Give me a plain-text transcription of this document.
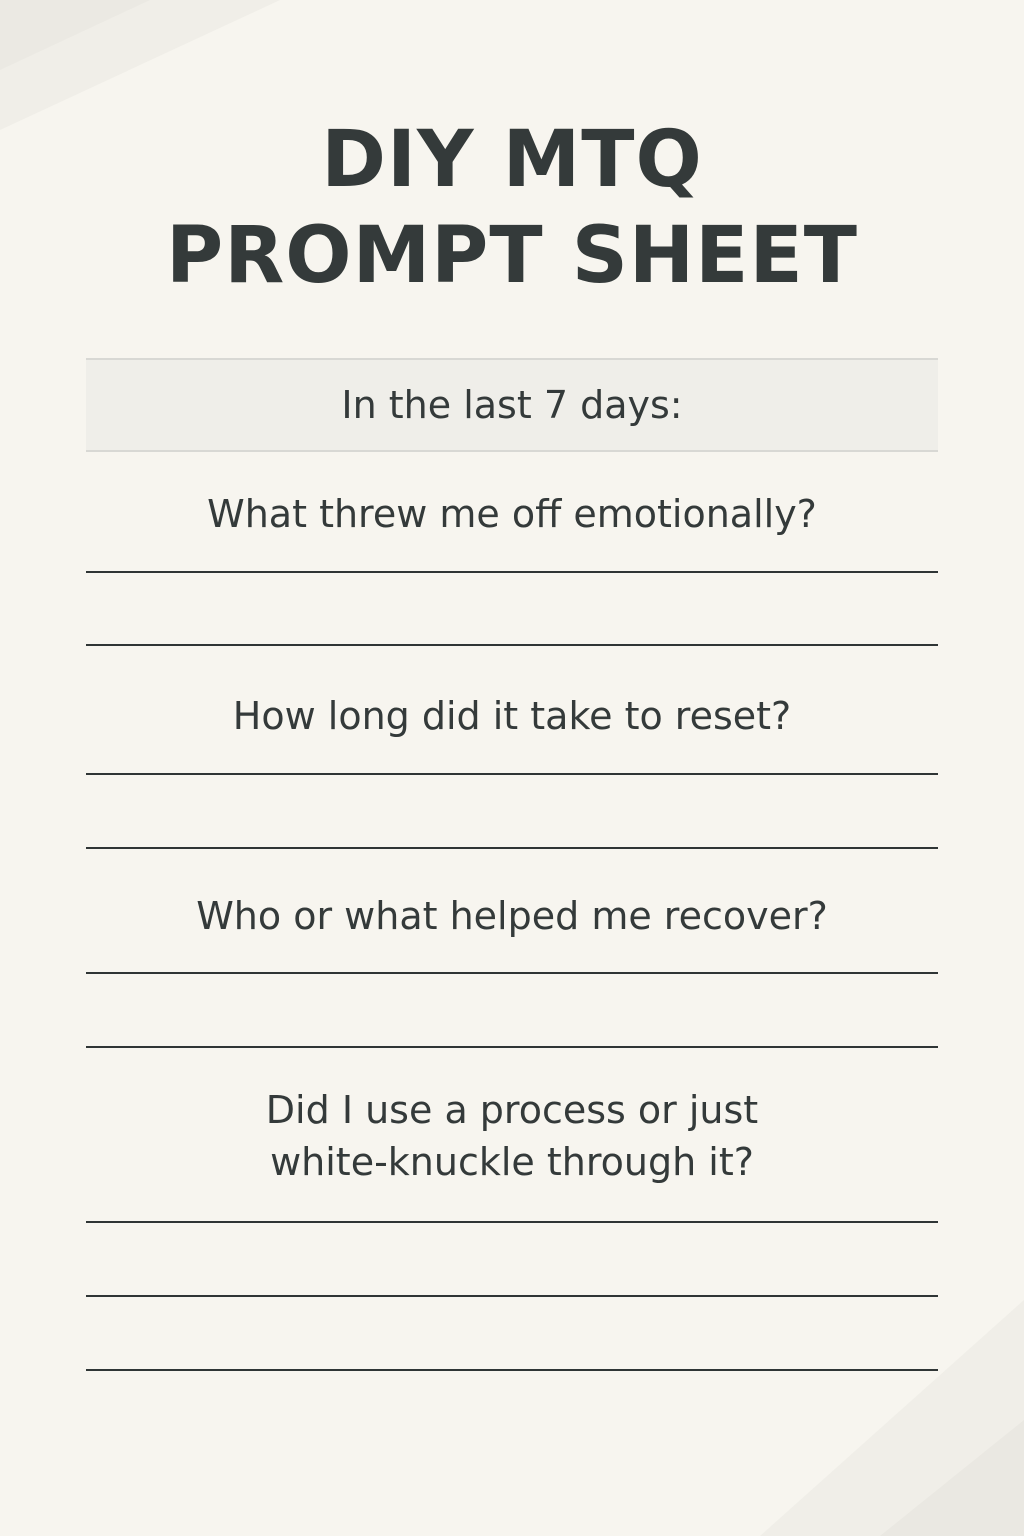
DIY MTQ
PROMPT SHEET
In the last 7 days:

What threw me off emotionally?

How long did it take to reset?

Who or what helped me recover?

Did I use a process or just
white-knuckle through it?
